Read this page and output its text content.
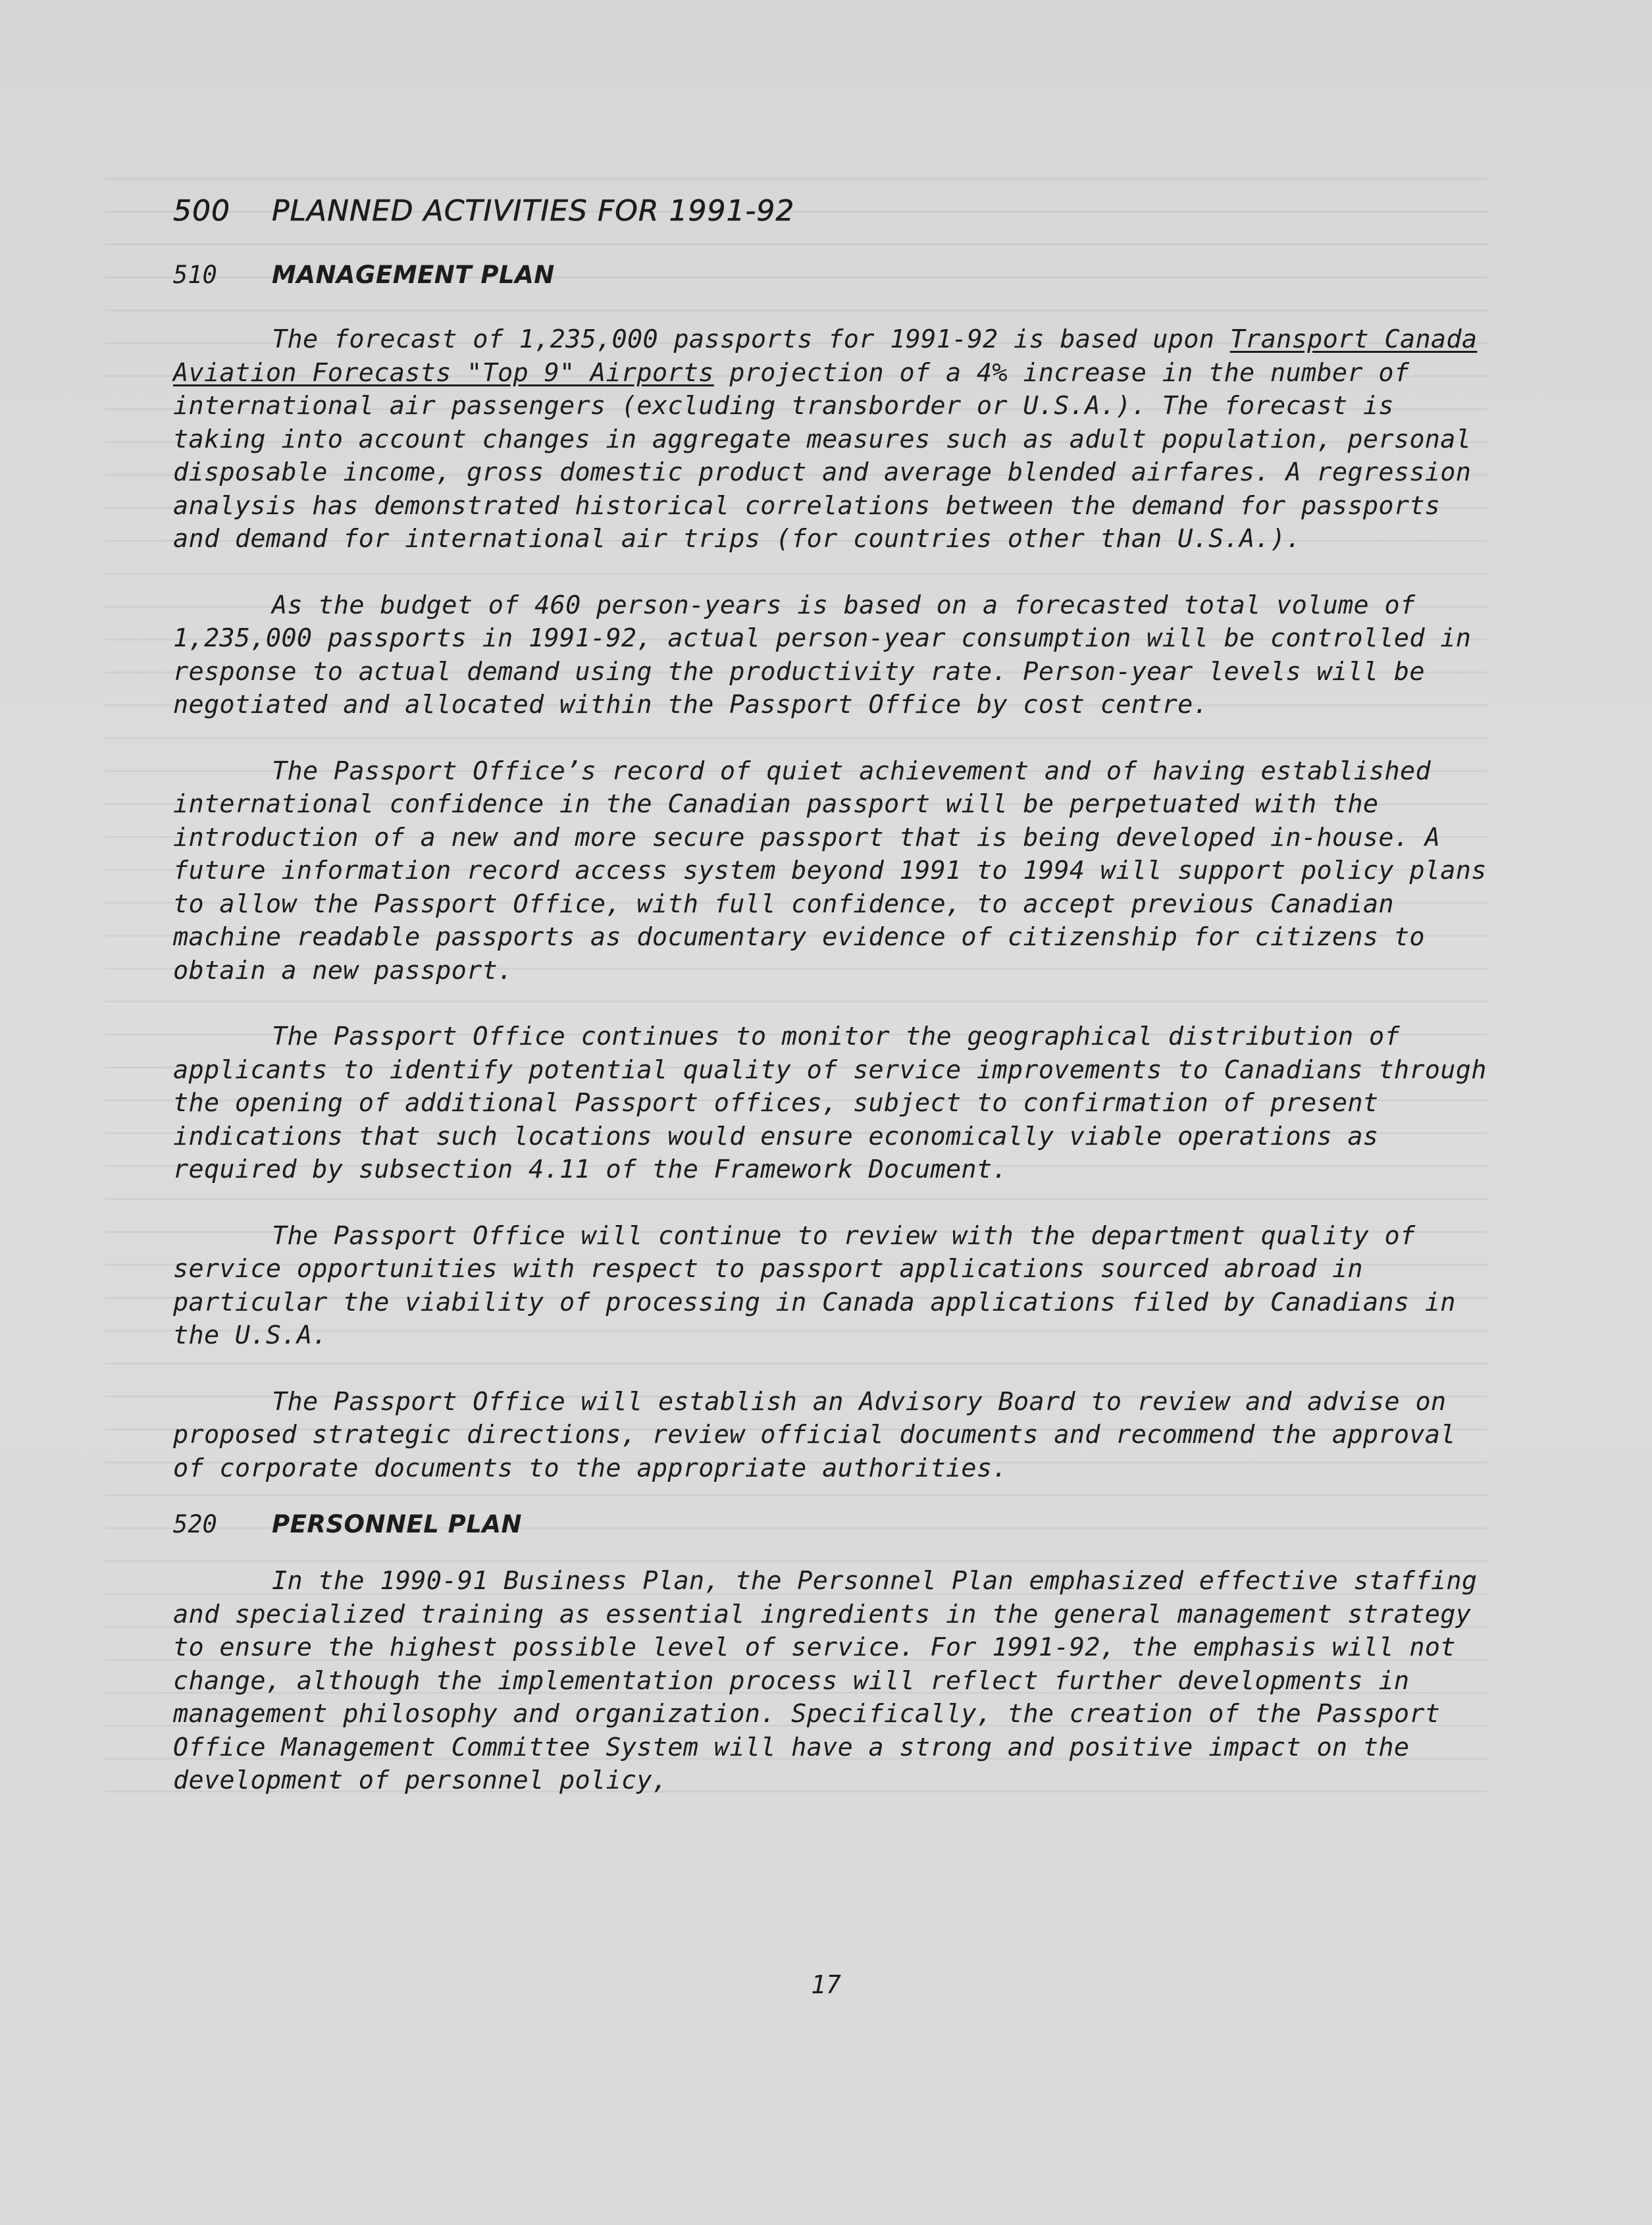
500 PLANNED ACTIVITIES FOR 1991-92
510 MANAGEMENT PLAN

The forecast of 1,235,000 passports for 1991-92 is based upon Transport Canada Aviation Forecasts "Top 9" Airports projection of a 4% increase in the number of international air passengers (excluding transborder or U.S.A.). The forecast is taking into account changes in aggregate measures such as adult population, personal disposable income, gross domestic product and average blended airfares. A regression analysis has demonstrated historical correlations between the demand for passports and demand for international air trips (for countries other than U.S.A.).

As the budget of 460 person-years is based on a forecasted total volume of 1,235,000 passports in 1991-92, actual person-year consumption will be controlled in response to actual demand using the productivity rate. Person-year levels will be negotiated and allocated within the Passport Office by cost centre.

The Passport Office’s record of quiet achievement and of having established international confidence in the Canadian passport will be perpetuated with the introduction of a new and more secure passport that is being developed in-house. A future information record access system beyond 1991 to 1994 will support policy plans to allow the Passport Office, with full confidence, to accept previous Canadian machine readable passports as documentary evidence of citizenship for citizens to obtain a new passport.

The Passport Office continues to monitor the geographical distribution of applicants to identify potential quality of service improvements to Canadians through the opening of additional Passport offices, subject to confirmation of present indications that such locations would ensure economically viable operations as required by subsection 4.11 of the Framework Document.

The Passport Office will continue to review with the department quality of service opportunities with respect to passport applications sourced abroad in particular the viability of processing in Canada applications filed by Canadians in the U.S.A.

The Passport Office will establish an Advisory Board to review and advise on proposed strategic directions, review official documents and recommend the approval of corporate documents to the appropriate authorities.

520 PERSONNEL PLAN

In the 1990-91 Business Plan, the Personnel Plan emphasized effective staffing and specialized training as essential ingredients in the general management strategy to ensure the highest possible level of service. For 1991-92, the emphasis will not change, although the implementation process will reflect further developments in management philosophy and organization. Specifically, the creation of the Passport Office Management Committee System will have a strong and positive impact on the development of personnel policy,

17
